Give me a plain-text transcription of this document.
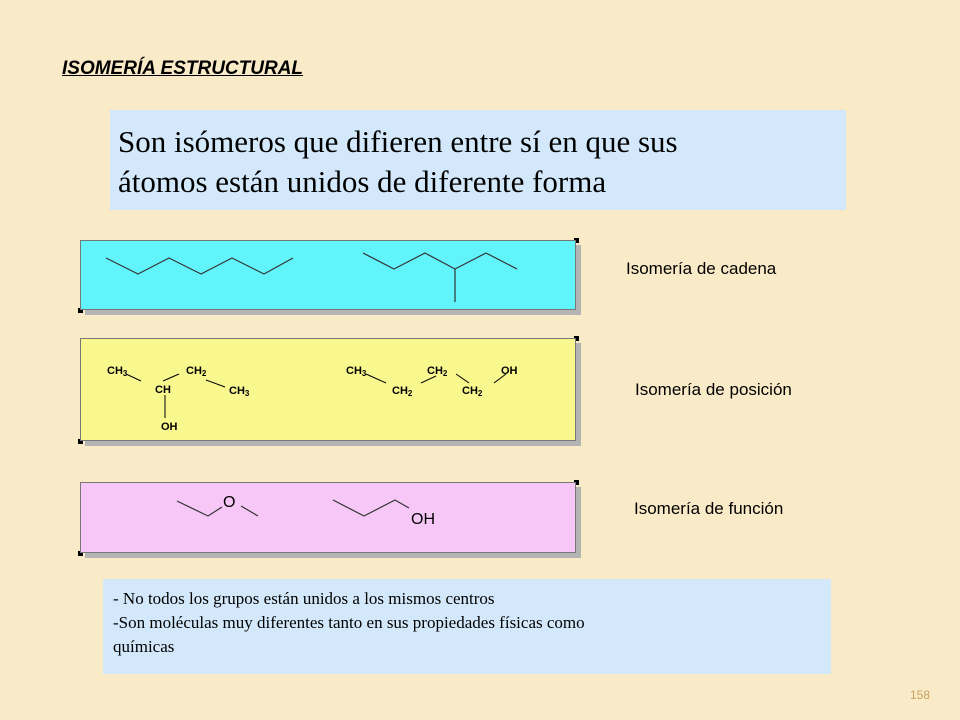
ISOMERÍA ESTRUCTURAL
Son isómeros que difieren entre sí en que sus
átomos están unidos de diferente forma
Isomería de cadena
CH3	CH2
CH	CH3
OH
CH3	CH2	OH
CH2	CH2	Isomería de posición
O
OH
Isomería de función
- No todos los grupos están unidos a los mismos centros
-Son moléculas muy diferentes tanto en sus propiedades físicas como
químicas
158
